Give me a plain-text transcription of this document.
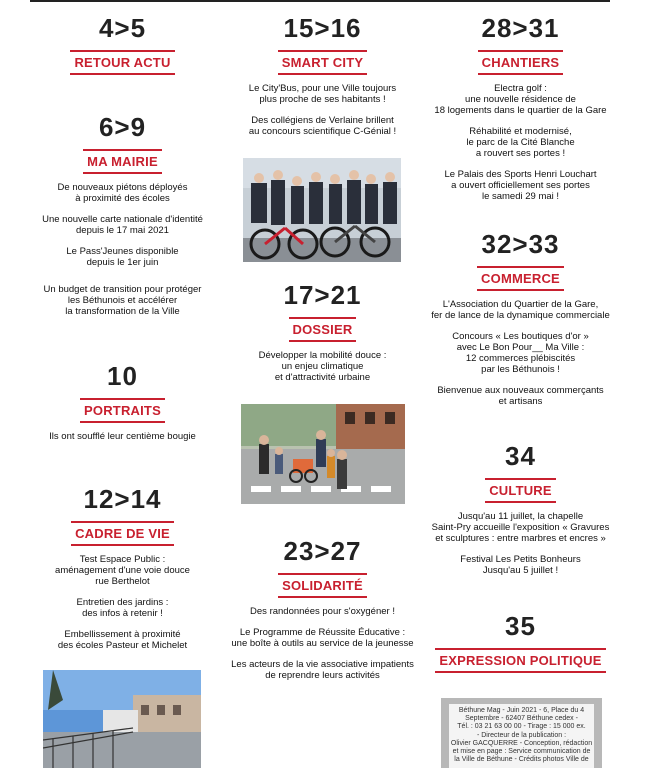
4>5
RETOUR ACTU
6>9
MA MAIRIE
De nouveaux piétons déployés
à proximité des écoles
Une nouvelle carte nationale d'identité
depuis le 17 mai 2021
Le Pass'Jeunes disponible
depuis le 1er juin
Un budget de transition pour protéger
les Béthunois et accélérer
la transformation de la Ville
10
PORTRAITS
Ils ont soufflé leur centième bougie
12>14
CADRE DE VIE
Test Espace Public :
aménagement d'une voie douce
rue Berthelot
Entretien des jardins :
des infos à retenir !
Embellissement à proximité
des écoles Pasteur et Michelet
15>16
SMART CITY
Le City'Bus, pour une Ville toujours
plus proche de ses habitants !
Des collégiens de Verlaine brillent
au concours scientifique C-Génial !
17>21
DOSSIER
Développer la mobilité douce :
un enjeu climatique
et d'attractivité urbaine
23>27
SOLIDARITÉ
Des randonnées pour s'oxygéner !
Le Programme de Réussite Éducative :
une boîte à outils au service de la jeunesse
Les acteurs de la vie associative impatients
de reprendre leurs activités
28>31
CHANTIERS
Electra golf :
une nouvelle résidence de
18 logements dans le quartier de la Gare
Réhabilité et modernisé,
le parc de la Cité Blanche
a rouvert ses portes !
Le Palais des Sports Henri Louchart
a ouvert officiellement ses portes
le samedi 29 mai !
32>33
COMMERCE
L'Association du Quartier de la Gare,
fer de lance de la dynamique commerciale
Concours « Les boutiques d'or »
avec Le Bon Pour__ Ma Ville :
12 commerces plébiscités
par les Béthunois !
Bienvenue aux nouveaux commerçants
et artisans
34
CULTURE
Jusqu'au 11 juillet, la chapelle
Saint-Pry accueille l'exposition « Gravures
et sculptures : entre marbres et encres »
Festival Les Petits Bonheurs
Jusqu'au 5 juillet !
35
EXPRESSION POLITIQUE
Béthune Mag - Juin 2021 - 6, Place du 4
Septembre - 62407 Béthune cedex -
Tél. : 03 21 63 00 00 - Tirage : 15 000 ex.
- Directeur de la publication :
Olivier GACQUERRE - Conception, rédaction
et mise en page : Service communication de
la Ville de Béthune - Crédits photos Ville de
